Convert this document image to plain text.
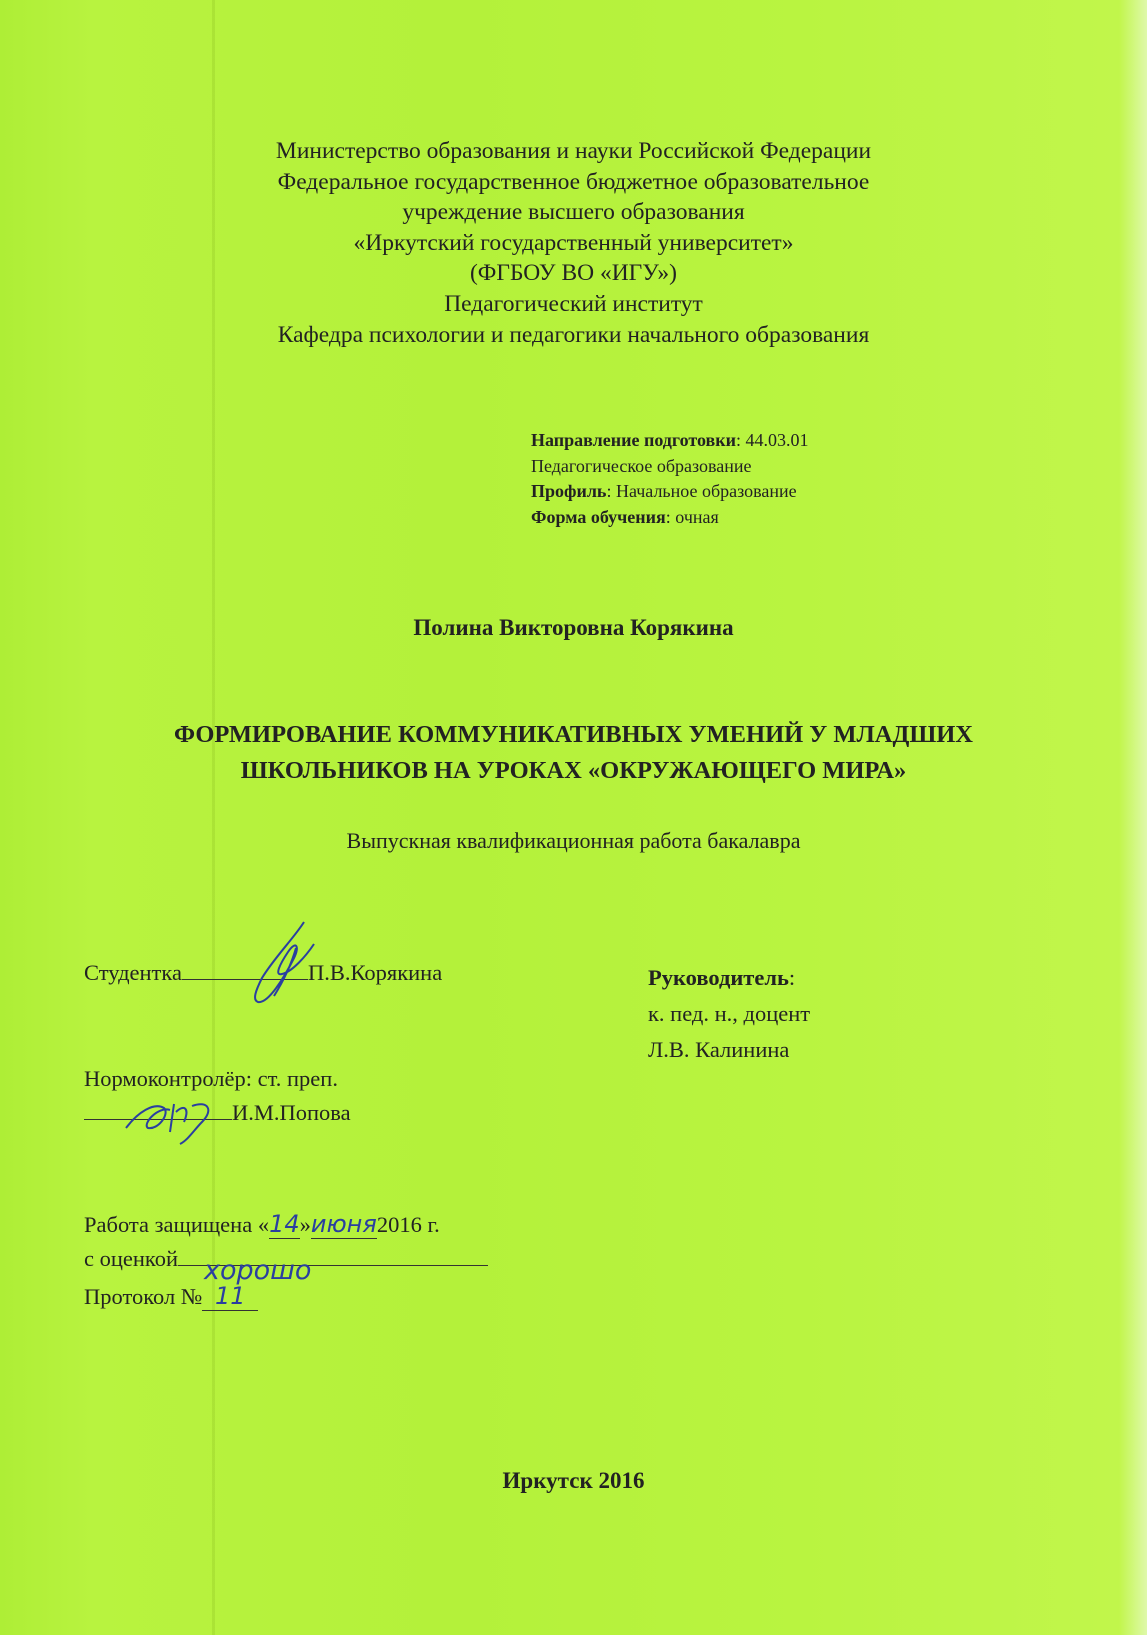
Министерство образования и науки Российской Федерации
Федеральное государственное бюджетное образовательное
учреждение высшего образования
«Иркутский государственный университет»
(ФГБОУ ВО «ИГУ»)
Педагогический институт
Кафедра психологии и педагогики начального образования
Направление подготовки: 44.03.01
Педагогическое образование
Профиль: Начальное образование
Форма обучения: очная
Полина Викторовна Корякина
ФОРМИРОВАНИЕ КОММУНИКАТИВНЫХ УМЕНИЙ У МЛАДШИХ
ШКОЛЬНИКОВ НА УРОКАХ «ОКРУЖАЮЩЕГО МИРА»
Выпускная квалификационная работа бакалавра
Студентка	П.В.Корякина	Руководитель:
к. пед. н., доцент
Л.В. Калинина
Нормоконтролёр: ст. преп.
И.М.Попова
Работа защищена «14»июня2016 г.
с оценкой хорошо
Протокол № 11
Иркутск 2016
